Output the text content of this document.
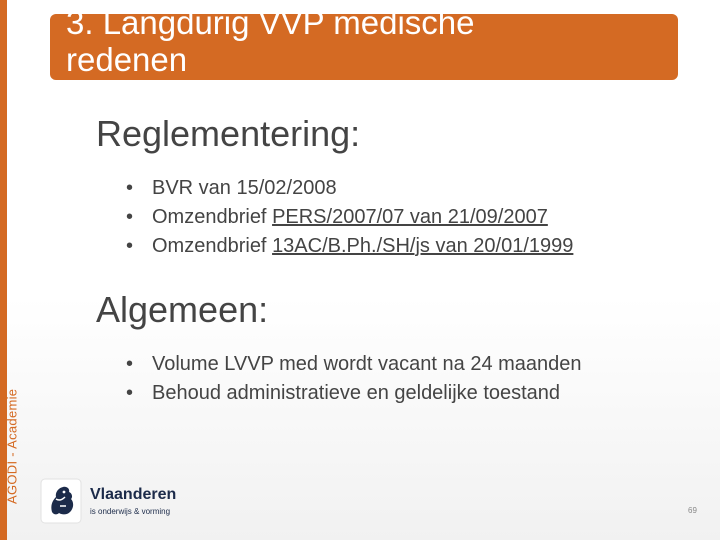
AGODI - Academie
3. Langdurig VVP medische
redenen
Reglementering:
• BVR van 15/02/2008
• Omzendbrief PERS/2007/07 van 21/09/2007
• Omzendbrief 13AC/B.Ph./SH/js van 20/01/1999
Algemeen:
• Volume LVVP med wordt vacant na 24 maanden
• Behoud administratieve en geldelijke toestand
Vlaanderen
is onderwijs & vorming	69
